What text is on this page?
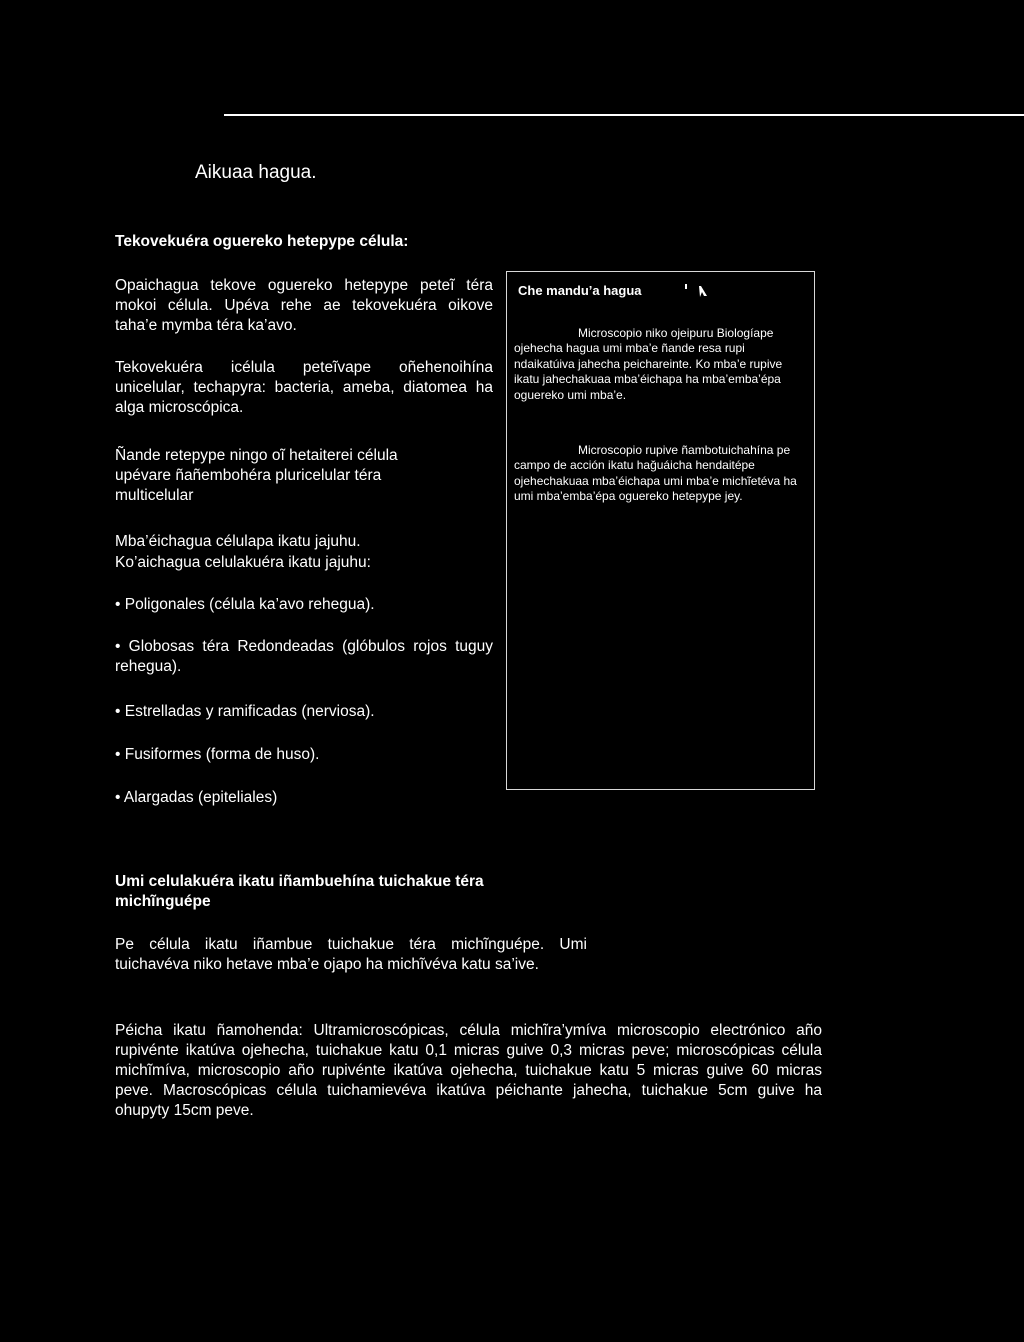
Aikuaa hagua.
Tekovekuéra oguereko hetepype célula:
Opaichagua tekove oguereko hetepype peteĩ téra mokoi célula. Upéva rehe ae tekovekuéra oikove taha’e mymba téra ka’avo.
Tekovekuéra icélula peteĩvape oñehenoihína unicelular, techapyra: bacteria, ameba, diatomea ha alga microscópica.
Ñande retepype ningo oĩ hetaiterei célula upévare ñañembohéra pluricelular téra multicelular
Mba’éichagua célulapa ikatu jajuhu.
Ko’aichagua celulakuéra ikatu jajuhu:
• Poligonales (célula ka’avo rehegua).
• Globosas téra Redondeadas (glóbulos rojos tuguy rehegua).
• Estrelladas y ramificadas (nerviosa).
• Fusiformes (forma de huso).
• Alargadas (epiteliales)
Che mandu’a hagua
Microscopio niko ojeipuru Biologíape ojehecha hagua umi mba’e ñande resa rupi ndaikatúiva jahecha peichareinte. Ko mba’e rupive ikatu jahechakuaa mba’éichapa ha mba’emba’épa oguereko umi mba’e.
Microscopio rupive ñambotuichahína pe campo de acción ikatu hağuáicha hendaitépe ojehechakuaa mba’éichapa umi mba’e michĩetéva ha umi mba’emba’épa oguereko hetepype jey.
Umi celulakuéra ikatu iñambuehína tuichakue téra michĩnguépe
Pe célula ikatu iñambue tuichakue téra michĩnguépe. Umi tuichavéva niko hetave mba’e ojapo ha michĩvéva katu sa’ive.
Péicha ikatu ñamohenda: Ultramicroscópicas, célula michĩra’ymíva microscopio electrónico año rupivénte ikatúva ojehecha, tuichakue katu 0,1 micras guive 0,3 micras peve; microscópicas célula michĩmíva, microscopio año rupivénte ikatúva ojehecha, tuichakue katu 5 micras guive 60 micras peve. Macroscópicas célula tuichamievéva ikatúva péichante jahecha, tuichakue 5cm guive ha ohupyty 15cm peve.
